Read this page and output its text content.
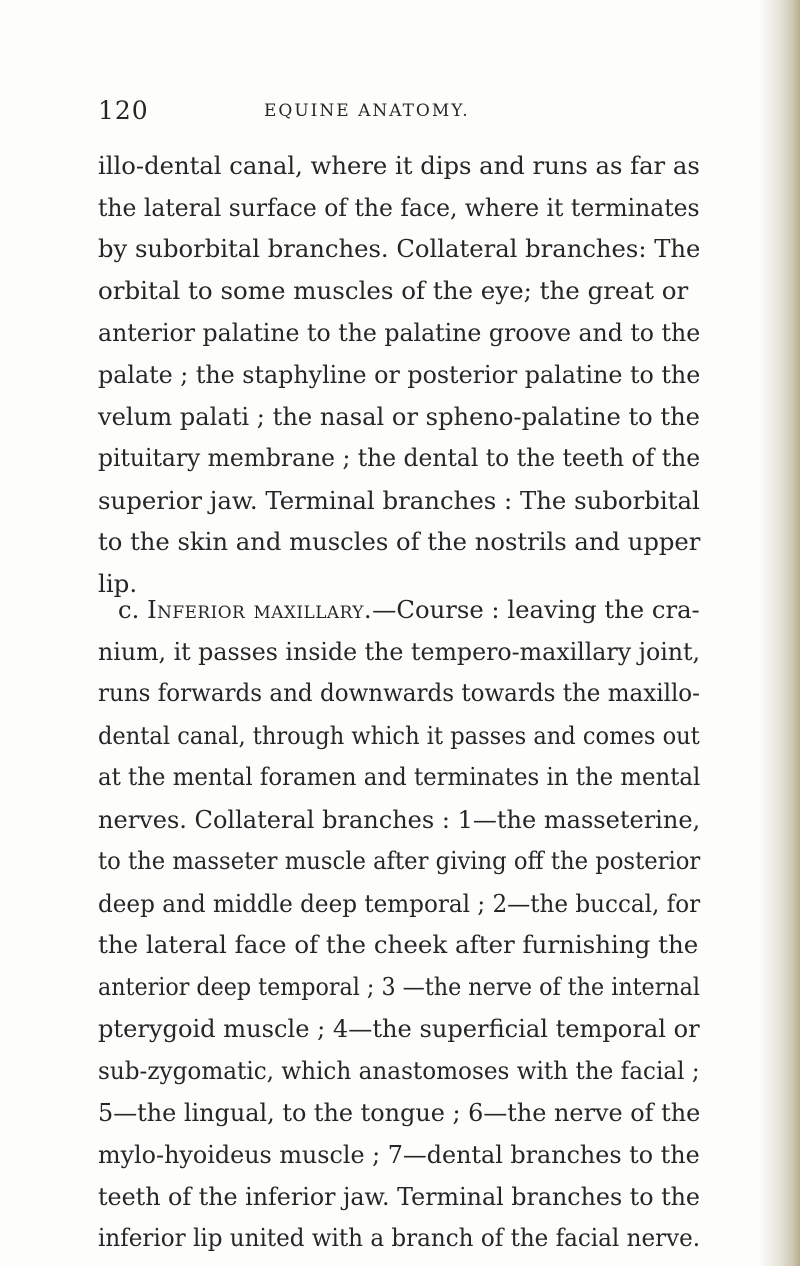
120	EQUINE ANATOMY.

illo-dental canal, where it dips and runs as far as

the lateral surface of the face, where it terminates

by suborbital branches. Collateral branches: The

orbital to some muscles of the eye; the great or

anterior palatine to the palatine groove and to the

palate ; the staphyline or posterior palatine to the

velum palati ; the nasal or spheno-palatine to the

pituitary membrane ; the dental to the teeth of the

superior jaw. Terminal branches : The suborbital

to the skin and muscles of the nostrils and upper

lip.

c. Inferior maxillary.—Course : leaving the cra-

nium, it passes inside the tempero-maxillary joint,

runs forwards and downwards towards the maxillo-

dental canal, through which it passes and comes out

at the mental foramen and terminates in the mental

nerves. Collateral branches : 1—the masseterine,

to the masseter muscle after giving off the posterior

deep and middle deep temporal ; 2—the buccal, for

the lateral face of the cheek after furnishing the

anterior deep temporal ; 3 —the nerve of the internal

pterygoid muscle ; 4—the superficial temporal or

sub-zygomatic, which anastomoses with the facial ;

5—the lingual, to the tongue ; 6—the nerve of the

mylo-hyoideus muscle ; 7—dental branches to the

teeth of the inferior jaw. Terminal branches to the

inferior lip united with a branch of the facial nerve.
